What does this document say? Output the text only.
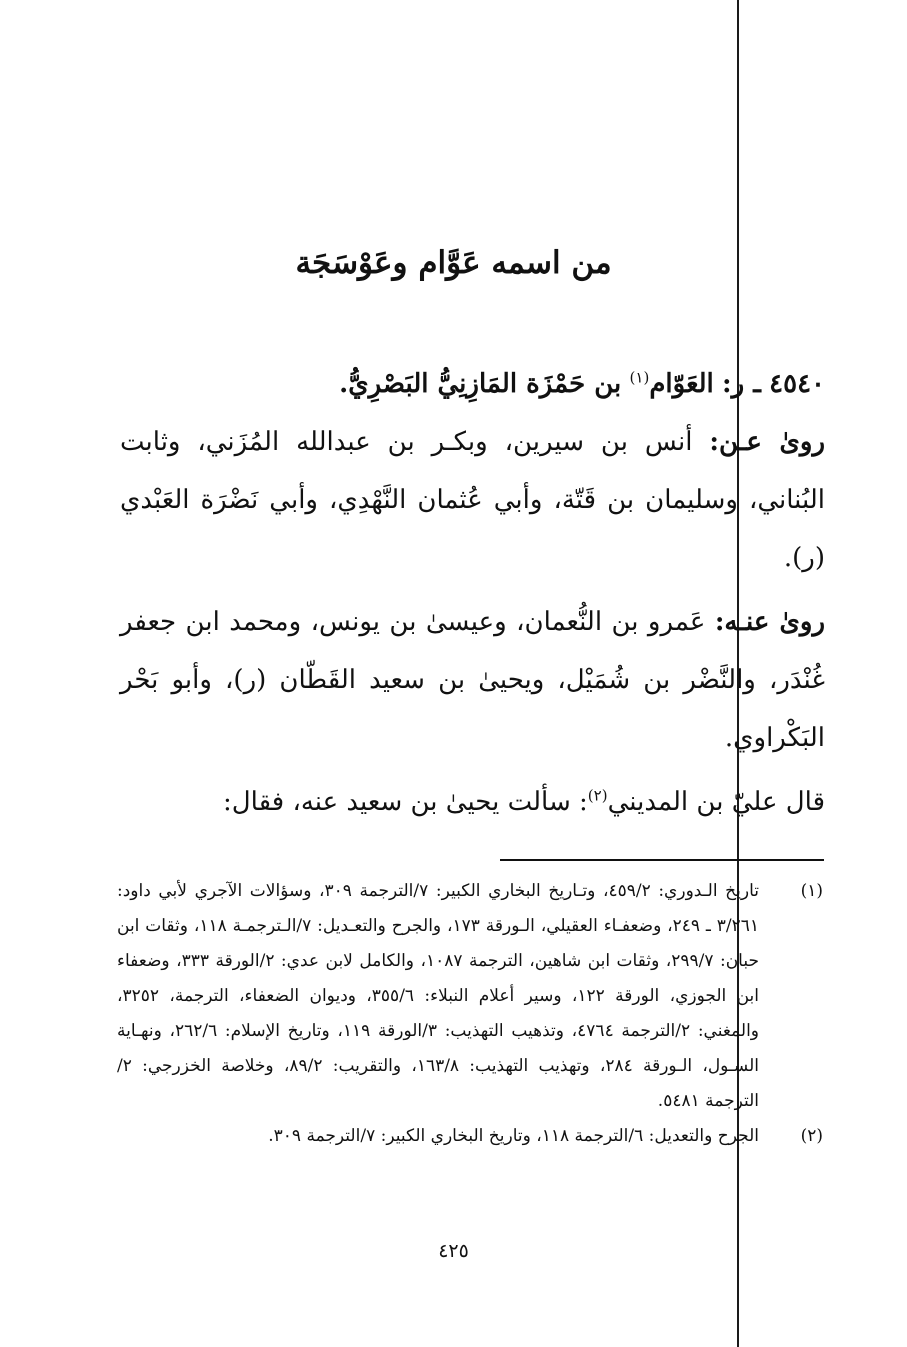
من اسمه عَوَّام وعَوْسَجَة

٤٥٤٠ ـ ر: العَوّام$^{(١)}$ بن حَمْزَة المَازِنِيُّ البَصْرِيُّ.

روىٰ عـن: أنس بن سيرين، وبكـر بن عبدالله المُزَني، وثابت البُناني، وسليمان بن قَتّة، وأبي عُثمان النَّهْدِي، وأبي نَضْرَة العَبْدي (ر).

روىٰ عنـه: عَمرو بن النُّعمان، وعيسىٰ بن يونس، ومحمد ابن جعفر غُنْدَر، والنَّضْر بن شُمَيْل، ويحيىٰ بن سعيد القَطّان (ر)، وأبو بَحْر البَكْراوي.

قال عليّ بن المديني$^{(٢)}$: سألت يحيىٰ بن سعيد عنه، فقال:

(١)
تاريخ الـدوري: ٤٥٩/٢، وتـاريخ البخاري الكبير: ٧/الترجمة ٣٠٩، وسؤالات الآجري لأبي داود: ٣/٢٦١ ـ ٢٤٩، وضعفـاء العقيلي، الـورقة ١٧٣، والجرح والتعـديل: ٧/الـترجمـة ١١٨، وثقات ابن حبان: ٢٩٩/٧، وثقات ابن شاهين، الترجمة ١٠٨٧، والكامل لابن عدي: ٢/الورقة ٣٣٣، وضعفاء ابن الجوزي، الورقة ١٢٢، وسير أعلام النبلاء: ٣٥٥/٦، وديوان الضعفاء، الترجمة، ٣٢٥٢، والمغني: ٢/الترجمة ٤٧٦٤، وتذهيب التهذيب: ٣/الورقة ١١٩، وتاريخ الإسلام: ٢٦٢/٦، ونهـاية السـول، الـورقة ٢٨٤، وتهذيب التهذيب: ١٦٣/٨، والتقريب: ٨٩/٢، وخلاصة الخزرجي: ٢/الترجمة ٥٤٨١.
(٢)
الجرح والتعديل: ٦/الترجمة ١١٨، وتاريخ البخاري الكبير: ٧/الترجمة ٣٠٩.
٤٢٥
